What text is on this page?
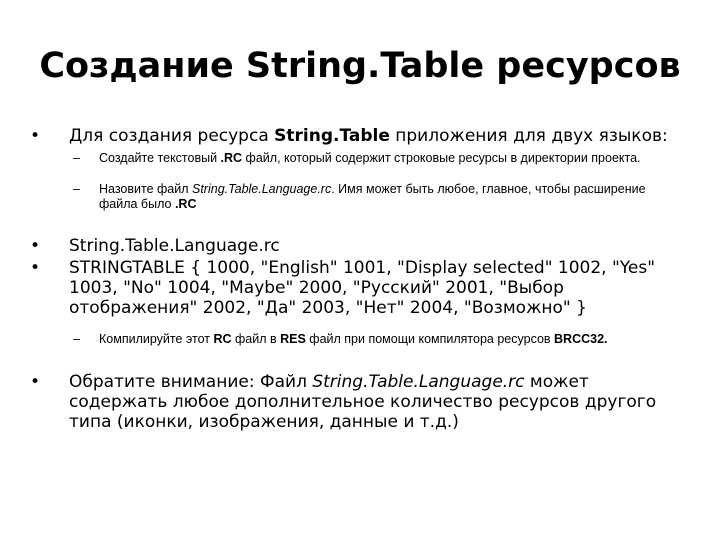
Создание String.Table ресурсов
• Для создания ресурса String.Table приложения для двух языков:
– Создайте текстовый .RC файл, который содержит строковые ресурсы в директории проекта.
– Назовите файл String.Table.Language.rc. Имя может быть любое, главное, чтобы расширение файла было .RC
• String.Table.Language.rc
• STRINGTABLE { 1000, "English" 1001, "Display selected" 1002, "Yes" 1003, "No" 1004, "Maybe" 2000, "Русский" 2001, "Выбор отображения" 2002, "Да" 2003, "Нет" 2004, "Возможно" }
– Компилируйте этот RC файл в RES файл при помощи компилятора ресурсов BRCC32.
• Обратите внимание: Файл String.Table.Language.rc может содержать любое дополнительное количество ресурсов другого типа (иконки, изображения, данные и т.д.)
